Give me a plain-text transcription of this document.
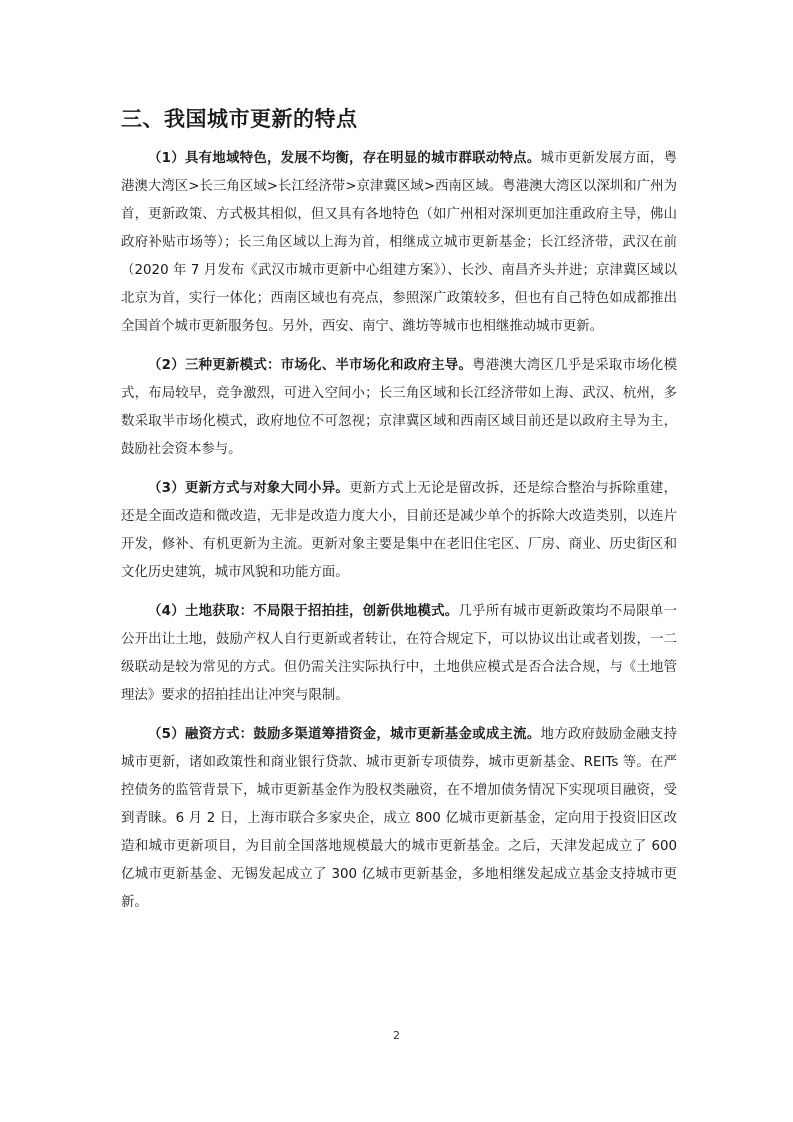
三、我国城市更新的特点

（1）具有地域特色，发展不均衡，存在明显的城市群联动特点。城市更新发展方面，粤港澳大湾区>长三角区域>长江经济带>京津冀区域>西南区域。粤港澳大湾区以深圳和广州为首，更新政策、方式极其相似，但又具有各地特色（如广州相对深圳更加注重政府主导，佛山政府补贴市场等）；长三角区域以上海为首，相继成立城市更新基金；长江经济带，武汉在前（2020 年 7 月发布《武汉市城市更新中心组建方案》）、长沙、南昌齐头并进；京津冀区域以北京为首，实行一体化；西南区域也有亮点，参照深广政策较多，但也有自己特色如成都推出全国首个城市更新服务包。另外，西安、南宁、潍坊等城市也相继推动城市更新。

（2）三种更新模式：市场化、半市场化和政府主导。粤港澳大湾区几乎是采取市场化模式，布局较早，竞争激烈，可进入空间小；长三角区域和长江经济带如上海、武汉、杭州，多数采取半市场化模式，政府地位不可忽视；京津冀区域和西南区域目前还是以政府主导为主，鼓励社会资本参与。

（3）更新方式与对象大同小异。更新方式上无论是留改拆，还是综合整治与拆除重建，还是全面改造和微改造，无非是改造力度大小，目前还是减少单个的拆除大改造类别，以连片开发，修补、有机更新为主流。更新对象主要是集中在老旧住宅区、厂房、商业、历史街区和文化历史建筑，城市风貌和功能方面。

（4）土地获取：不局限于招拍挂，创新供地模式。几乎所有城市更新政策均不局限单一公开出让土地，鼓励产权人自行更新或者转让，在符合规定下，可以协议出让或者划拨，一二级联动是较为常见的方式。但仍需关注实际执行中，土地供应模式是否合法合规，与《土地管理法》要求的招拍挂出让冲突与限制。

（5）融资方式：鼓励多渠道筹措资金，城市更新基金或成主流。地方政府鼓励金融支持城市更新，诸如政策性和商业银行贷款、城市更新专项债券，城市更新基金、REITs 等。在严控债务的监管背景下，城市更新基金作为股权类融资，在不增加债务情况下实现项目融资，受到青睐。6 月 2 日，上海市联合多家央企，成立 800 亿城市更新基金，定向用于投资旧区改造和城市更新项目，为目前全国落地规模最大的城市更新基金。之后，天津发起成立了 600 亿城市更新基金、无锡发起成立了 300 亿城市更新基金，多地相继发起成立基金支持城市更新。

2
